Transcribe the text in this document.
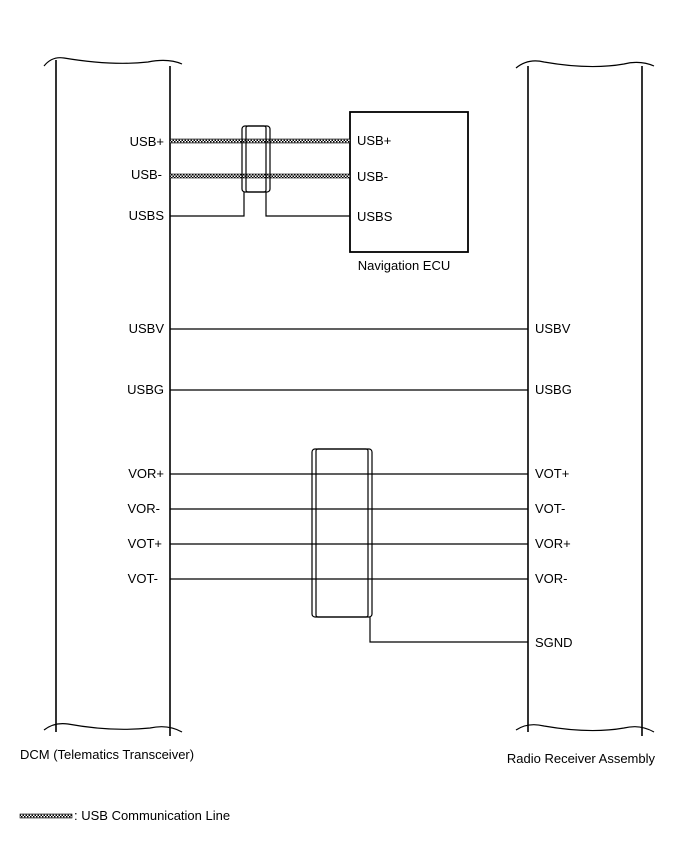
USB+
USB-
USBS
USBV
USBG
VOR+
VOR-
VOT+
VOT-
USB+
USB-
USBS
Navigation ECU
USBV
USBG
VOT+
VOT-
VOR+
VOR-
SGND
DCM (Telematics Transceiver)	Radio Receiver Assembly
: USB Communication Line
